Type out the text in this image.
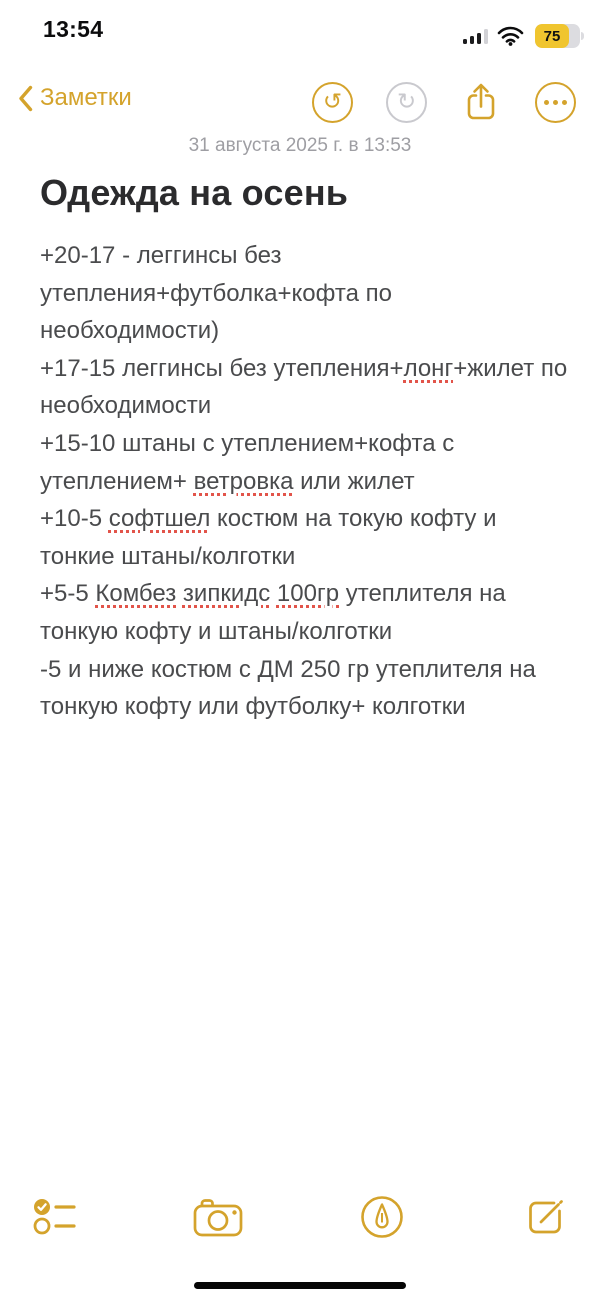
13:54	75
Заметки	↺ ↻
31 августа 2025 г. в 13:53
Одежда на осень

+20-17 - леггинсы без утепления+футболка+кофта по необходимости)

+17-15 леггинсы без утепления+лонг+жилет по необходимости

+15-10 штаны с утеплением+кофта с утеплением+ ветровка или жилет

+10-5 софтшел костюм на токую кофту и тонкие штаны/колготки

+5-5 Комбез зипкидс 100гр утеплителя на тонкую кофту и штаны/колготки

-5 и ниже костюм с ДМ 250 гр утеплителя на тонкую кофту или футболку+ колготки
